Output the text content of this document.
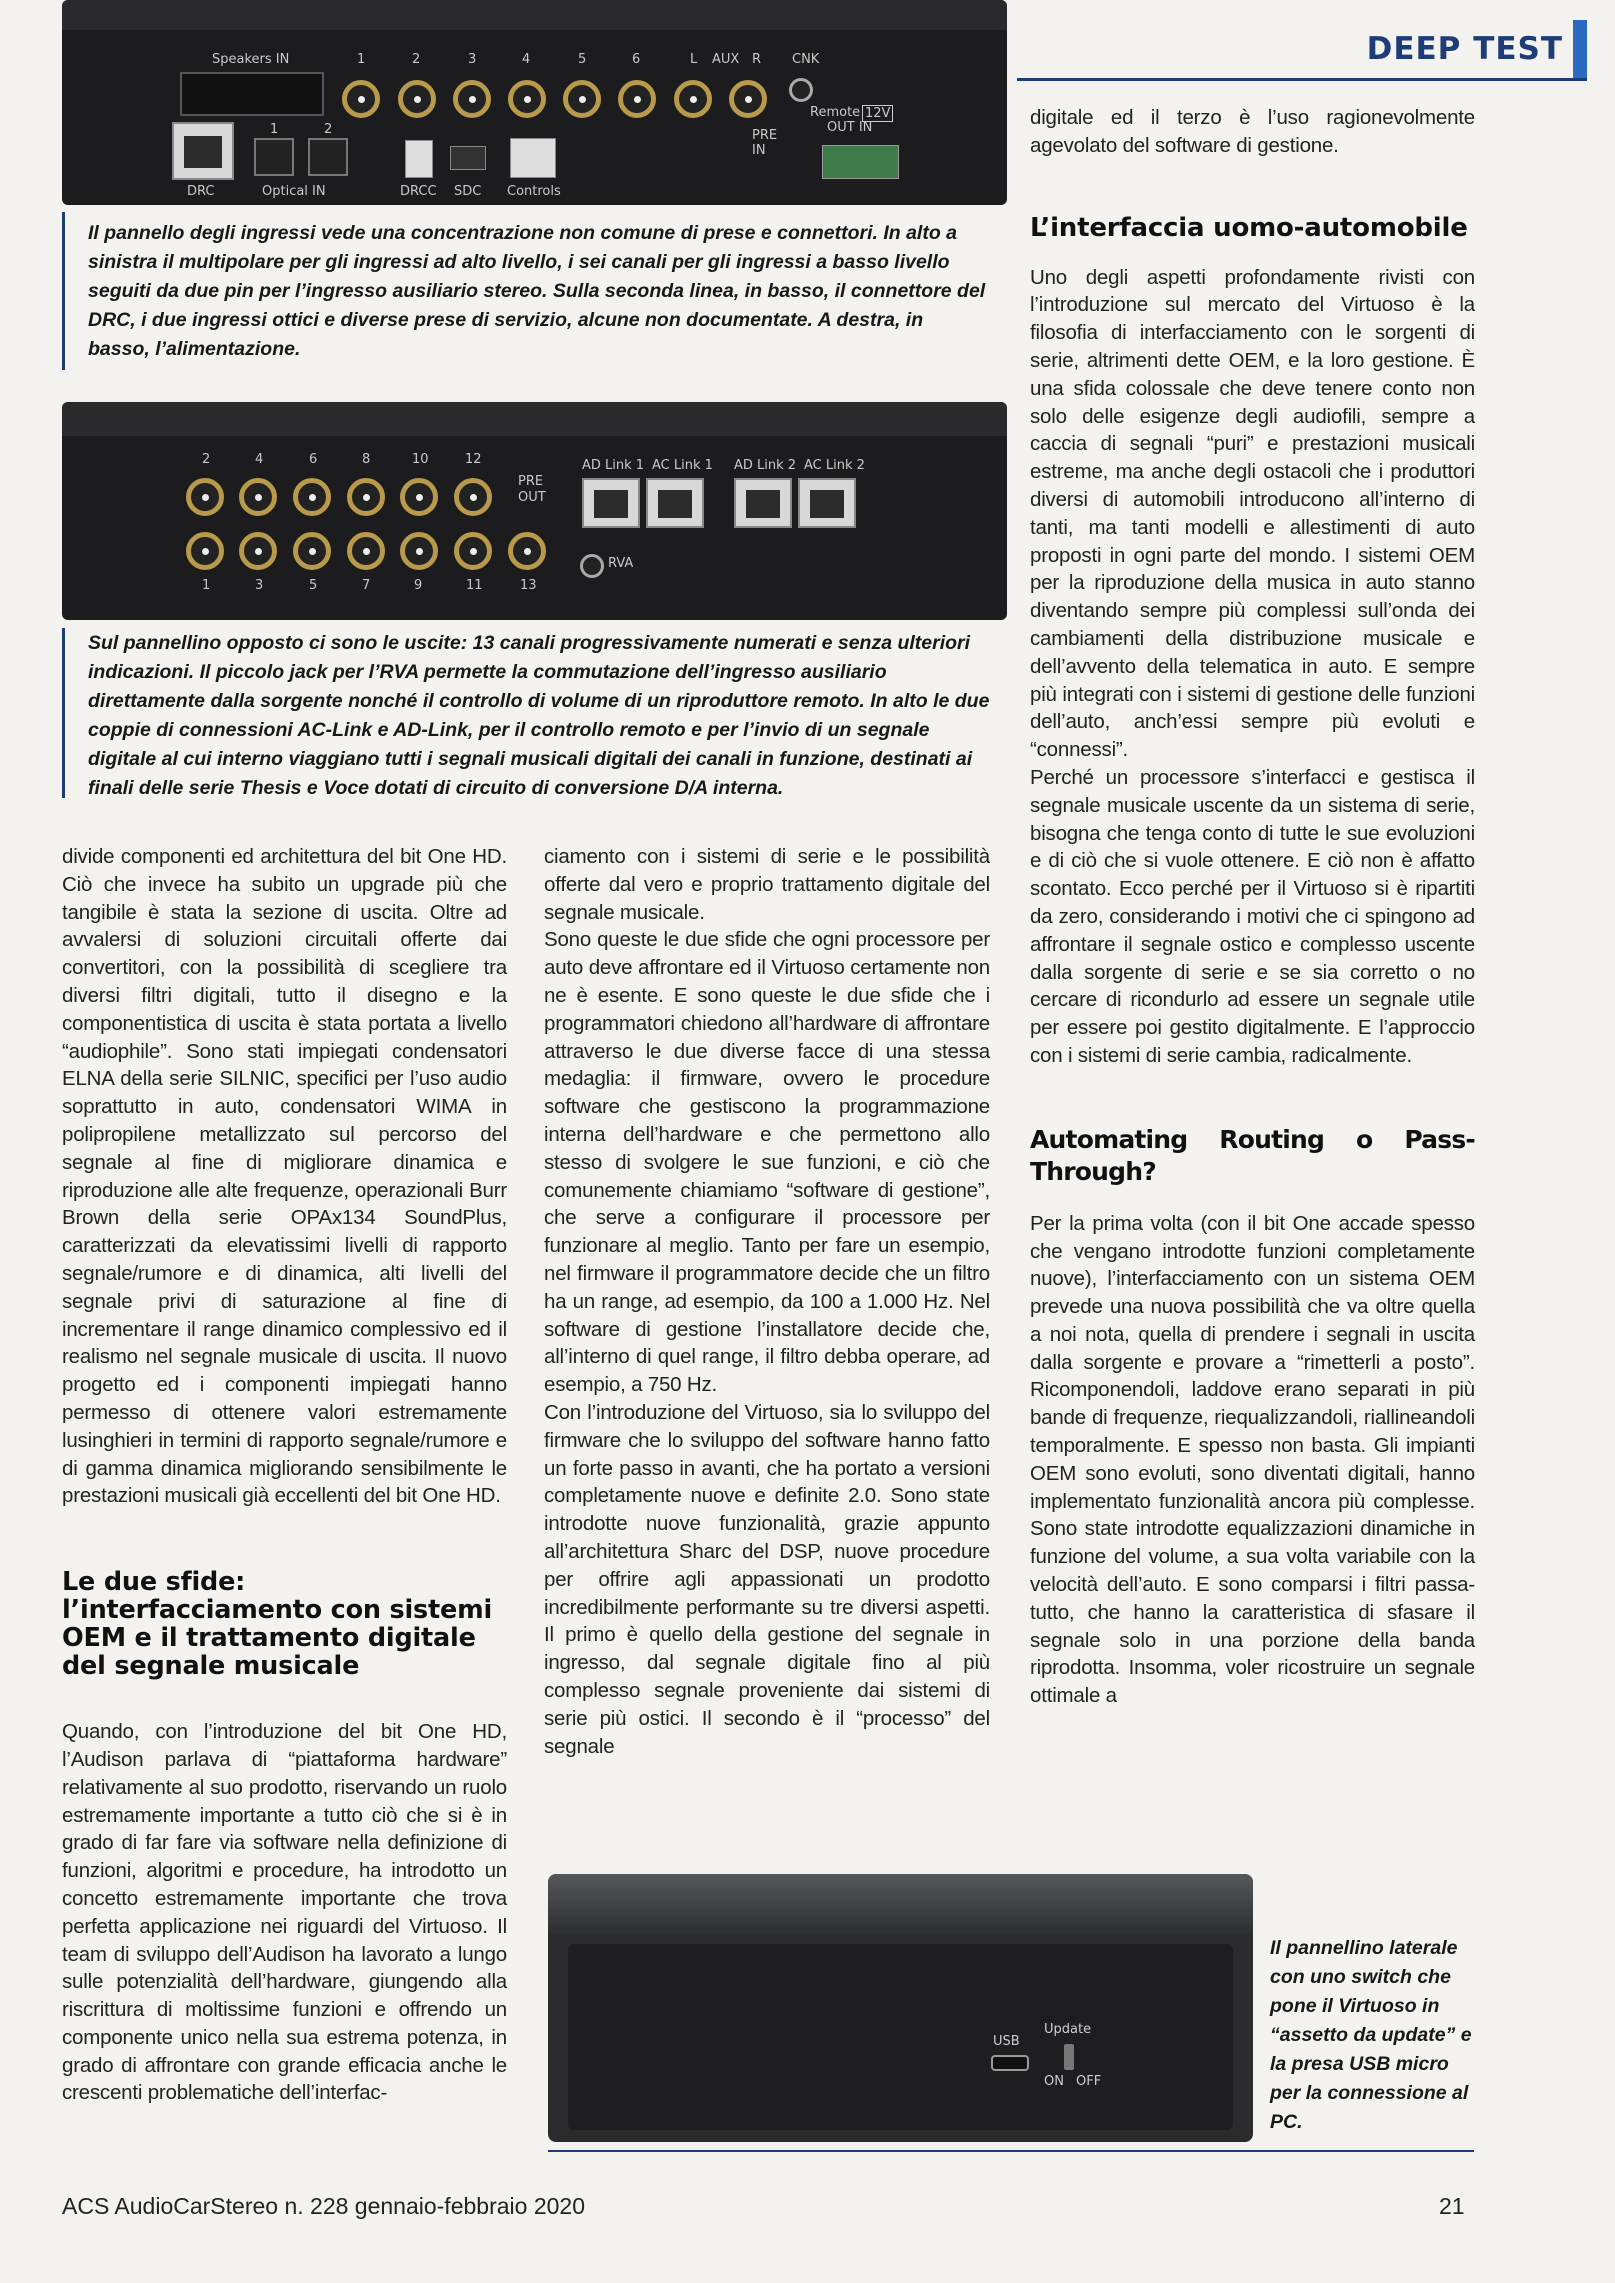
DEEP TEST
Speakers IN	1	2	3	4	5	6	L AUX R CNK
DRC
1	2
Optical IN	DRCC SDC Controls
PRE
IN
Remote 12V
OUT IN
Il pannello degli ingressi vede una concentrazione non comune di prese e connettori. In alto a sinistra il multipolare per gli ingressi ad alto livello, i sei canali per gli ingressi a basso livello seguiti da due pin per l’ingresso ausiliario stereo. Sulla seconda linea, in basso, il connettore del DRC, i due ingressi ottici e diverse prese di servizio, alcune non documentate. A destra, in basso, l’alimentazione.
2	4	6	8	10	12
1	3	5	7	9	11	13
PRE
OUT
AD Link 1 AC Link 1 AD Link 2 AC Link 2
RVA
Sul pannellino opposto ci sono le uscite: 13 canali progressivamente numerati e senza ulteriori indicazioni. Il piccolo jack per l’RVA permette la commutazione dell’ingresso ausiliario direttamente dalla sorgente nonché il controllo di volume di un riproduttore remoto. In alto le due coppie di connessioni AC-Link e AD-Link, per il controllo remoto e per l’invio di un segnale digitale al cui interno viaggiano tutti i segnali musicali digitali dei canali in funzione, destinati ai finali delle serie Thesis e Voce dotati di circuito di conversione D/A interna.

digitale ed il terzo è l’uso ragionevolmente agevolato del software di gestione.

L’interfaccia uomo-automobile

Uno degli aspetti profondamente rivisti con l’introduzione sul mercato del Virtuoso è la filosofia di interfacciamento con le sorgenti di serie, altrimenti dette OEM, e la loro gestione. È una sfida colossale che deve tenere conto non solo delle esigenze degli audiofili, sempre a caccia di segnali “puri” e prestazioni musicali estreme, ma anche degli ostacoli che i produttori diversi di automobili introducono all’interno di tanti, ma tanti modelli e allestimenti di auto proposti in ogni parte del mondo. I sistemi OEM per la riproduzione della musica in auto stanno diventando sempre più complessi sull’onda dei cambiamenti della distribuzione musicale e dell’avvento della telematica in auto. E sempre più integrati con i sistemi di gestione delle funzioni dell’auto, anch’essi sempre più evoluti e “connessi”.

Perché un processore s’interfacci e gestisca il segnale musicale uscente da un sistema di serie, bisogna che tenga conto di tutte le sue evoluzioni e di ciò che si vuole ottenere. E ciò non è affatto scontato. Ecco perché per il Virtuoso si è ripartiti da zero, considerando i motivi che ci spingono ad affrontare il segnale ostico e complesso uscente dalla sorgente di serie e se sia corretto o no cercare di ricondurlo ad essere un segnale utile per essere poi gestito digitalmente. E l’approccio con i sistemi di serie cambia, radicalmente.

Automating Routing o Pass-Through?

Per la prima volta (con il bit One accade spesso che vengano introdotte funzioni completamente nuove), l’interfacciamento con un sistema OEM prevede una nuova possibilità che va oltre quella a noi nota, quella di prendere i segnali in uscita dalla sorgente e provare a “rimetterli a posto”. Ricomponendoli, laddove erano separati in più bande di frequenze, riequalizzandoli, riallineandoli temporalmente. E spesso non basta. Gli impianti OEM sono evoluti, sono diventati digitali, hanno implementato funzionalità ancora più complesse. Sono state introdotte equalizzazioni dinamiche in funzione del volume, a sua volta variabile con la velocità dell’auto. E sono comparsi i filtri passa-tutto, che hanno la caratteristica di sfasare il segnale solo in una porzione della banda riprodotta. Insomma, voler ricostruire un segnale ottimale a

divide componenti ed architettura del bit One HD. Ciò che invece ha subito un upgrade più che tangibile è stata la sezione di uscita. Oltre ad avvalersi di soluzioni circuitali offerte dai convertitori, con la possibilità di scegliere tra diversi filtri digitali, tutto il disegno e la componentistica di uscita è stata portata a livello “audiophile”. Sono stati impiegati condensatori ELNA della serie SILNIC, specifici per l’uso audio soprattutto in auto, condensatori WIMA in polipropilene metallizzato sul percorso del segnale al fine di migliorare dinamica e riproduzione alle alte frequenze, operazionali Burr Brown della serie OPAx134 SoundPlus, caratterizzati da elevatissimi livelli di rapporto segnale/rumore e di dinamica, alti livelli del segnale privi di saturazione al fine di incrementare il range dinamico complessivo ed il realismo nel segnale musicale di uscita. Il nuovo progetto ed i componenti impiegati hanno permesso di ottenere valori estremamente lusinghieri in termini di rapporto segnale/rumore e di gamma dinamica migliorando sensibilmente le prestazioni musicali già eccellenti del bit One HD.

Le due sfide: l’interfacciamento con sistemi OEM e il trattamento digitale del segnale musicale

Quando, con l’introduzione del bit One HD, l’Audison parlava di “piattaforma hardware” relativamente al suo prodotto, riservando un ruolo estremamente importante a tutto ciò che si è in grado di far fare via software nella definizione di funzioni, algoritmi e procedure, ha introdotto un concetto estremamente importante che trova perfetta applicazione nei riguardi del Virtuoso. Il team di sviluppo dell’Audison ha lavorato a lungo sulle potenzialità dell’hardware, giungendo alla riscrittura di moltissime funzioni e offrendo un componente unico nella sua estrema potenza, in grado di affrontare con grande efficacia anche le crescenti problematiche dell’interfac-

ciamento con i sistemi di serie e le possibilità offerte dal vero e proprio trattamento digitale del segnale musicale.

Sono queste le due sfide che ogni processore per auto deve affrontare ed il Virtuoso certamente non ne è esente. E sono queste le due sfide che i programmatori chiedono all’hardware di affrontare attraverso le due diverse facce di una stessa medaglia: il firmware, ovvero le procedure software che gestiscono la programmazione interna dell’hardware e che permettono allo stesso di svolgere le sue funzioni, e ciò che comunemente chiamiamo “software di gestione”, che serve a configurare il processore per funzionare al meglio. Tanto per fare un esempio, nel firmware il programmatore decide che un filtro ha un range, ad esempio, da 100 a 1.000 Hz. Nel software di gestione l’installatore decide che, all’interno di quel range, il filtro debba operare, ad esempio, a 750 Hz.

Con l’introduzione del Virtuoso, sia lo sviluppo del firmware che lo sviluppo del software hanno fatto un forte passo in avanti, che ha portato a versioni completamente nuove e definite 2.0. Sono state introdotte nuove funzionalità, grazie appunto all’architettura Sharc del DSP, nuove procedure per offrire agli appassionati un prodotto incredibilmente performante su tre diversi aspetti. Il primo è quello della gestione del segnale in ingresso, dal segnale digitale fino al più complesso segnale proveniente dai sistemi di serie più ostici. Il secondo è il “processo” del segnale

USB
Update
ON OFF
Il pannellino laterale con uno switch che pone il Virtuoso in “assetto da update” e la presa USB micro per la connessione al PC.
ACS AudioCarStereo n. 228 gennaio-febbraio 2020	21
